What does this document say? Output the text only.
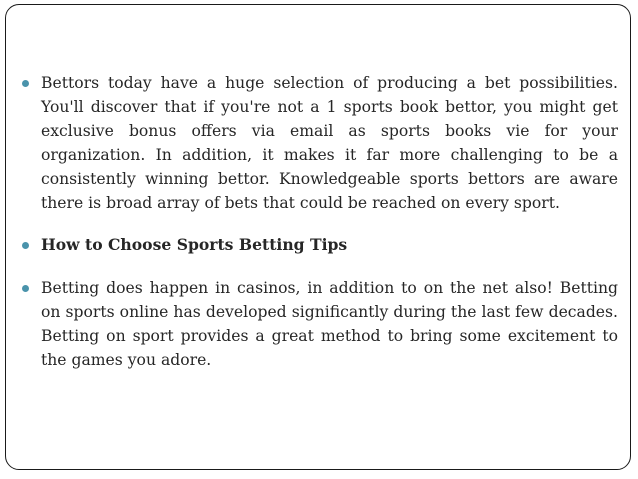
Bettors today have a huge selection of producing a bet possibilities. You'll discover that if you're not a 1 sports book bettor, you might get exclusive bonus offers via email as sports books vie for your organization. In addition, it makes it far more challenging to be a consistently winning bettor. Knowledgeable sports bettors are aware there is broad array of bets that could be reached on every sport.
How to Choose Sports Betting Tips
Betting does happen in casinos, in addition to on the net also! Betting on sports online has developed significantly during the last few decades. Betting on sport provides a great method to bring some excitement to the games you adore.
